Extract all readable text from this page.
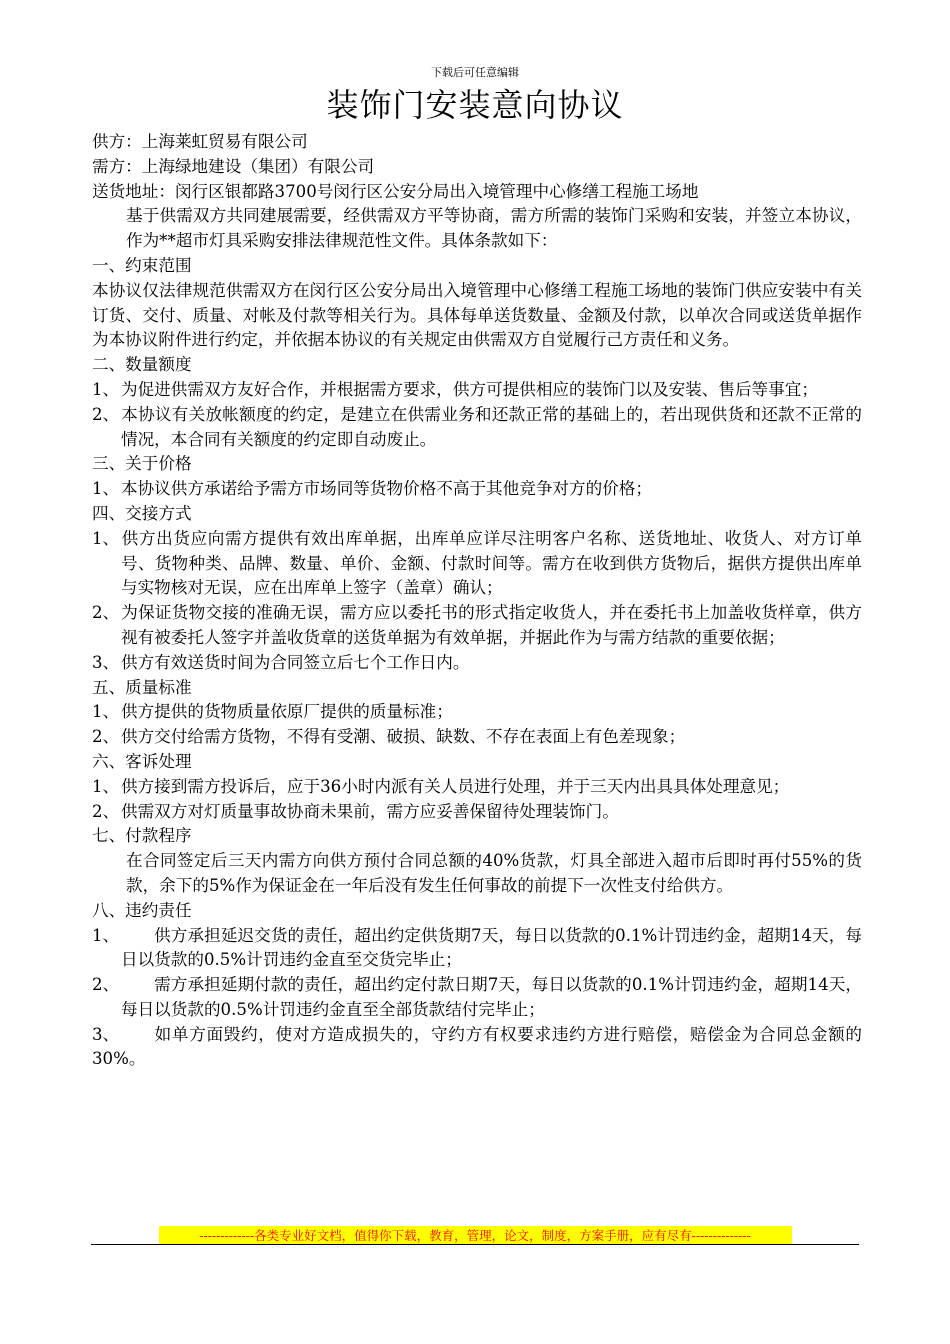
下载后可任意编辑
装饰门安装意向协议
供方：上海莱虹贸易有限公司
需方：上海绿地建设（集团）有限公司
送货地址：闵行区银都路3700号闵行区公安分局出入境管理中心修缮工程施工场地
基于供需双方共同建展需要，经供需双方平等协商，需方所需的装饰门采购和安装，并签立本协议，作为**超市灯具采购安排法律规范性文件。具体条款如下：
一、约束范围
本协议仅法律规范供需双方在闵行区公安分局出入境管理中心修缮工程施工场地的装饰门供应安装中有关订货、交付、质量、对帐及付款等相关行为。具体每单送货数量、金额及付款，以单次合同或送货单据作为本协议附件进行约定，并依据本协议的有关规定由供需双方自觉履行己方责任和义务。
二、数量额度
1、 为促进供需双方友好合作，并根据需方要求，供方可提供相应的装饰门以及安装、售后等事宜；
2、 本协议有关放帐额度的约定，是建立在供需业务和还款正常的基础上的，若出现供货和还款不正常的情况，本合同有关额度的约定即自动废止。
三、关于价格
1、 本协议供方承诺给予需方市场同等货物价格不高于其他竞争对方的价格；
四、交接方式
1、 供方出货应向需方提供有效出库单据，出库单应详尽注明客户名称、送货地址、收货人、对方订单号、货物种类、品牌、数量、单价、金额、付款时间等。需方在收到供方货物后，据供方提供出库单与实物核对无误，应在出库单上签字（盖章）确认；
2、 为保证货物交接的准确无误，需方应以委托书的形式指定收货人，并在委托书上加盖收货样章，供方视有被委托人签字并盖收货章的送货单据为有效单据，并据此作为与需方结款的重要依据；
3、 供方有效送货时间为合同签立后七个工作日内。
五、质量标准
1、 供方提供的货物质量依原厂提供的质量标准；
2、 供方交付给需方货物，不得有受潮、破损、缺数、不存在表面上有色差现象；
六、客诉处理
1、 供方接到需方投诉后，应于36小时内派有关人员进行处理，并于三天内出具具体处理意见；
2、 供需双方对灯质量事故协商未果前，需方应妥善保留待处理装饰门。
七、付款程序
在合同签定后三天内需方向供方预付合同总额的40%货款，灯具全部进入超市后即时再付55%的货款，余下的5%作为保证金在一年后没有发生任何事故的前提下一次性支付给供方。
八、违约责任
1、 供方承担延迟交货的责任，超出约定供货期7天，每日以货款的0.1%计罚违约金，超期14天，每日以货款的0.5%计罚违约金直至交货完毕止；
2、 需方承担延期付款的责任，超出约定付款日期7天，每日以货款的0.1%计罚违约金，超期14天，每日以货款的0.5%计罚违约金直至全部货款结付完毕止；
3、 如单方面毁约，使对方造成损失的，守约方有权要求违约方进行赔偿，赔偿金为合同总金额的30%。
-------------各类专业好文档，值得你下载，教育，管理，论文，制度，方案手册，应有尽有--------------
